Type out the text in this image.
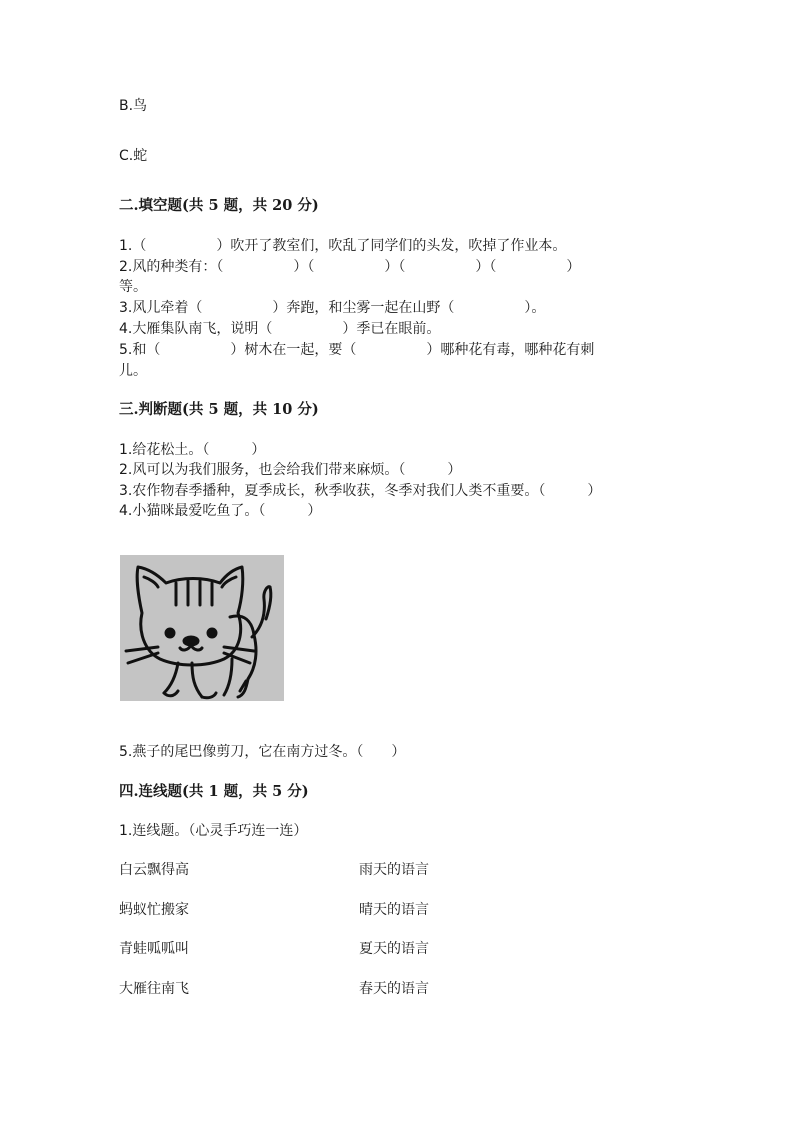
B.鸟
C.蛇
二.填空题(共 5 题，共 20 分)
1.（　　　　　）吹开了教室们，吹乱了同学们的头发，吹掉了作业本。
2.风的种类有：（　　　　　）（　　　　　）（　　　　　）（　　　　　）
等。
3.风儿牵着（　　　　　）奔跑，和尘雾一起在山野（　　　　　）。
4.大雁集队南飞，说明（　　　　　）季已在眼前。
5.和（　　　　　）树木在一起，要（　　　　　）哪种花有毒，哪种花有刺
儿。
三.判断题(共 5 题，共 10 分)
1.给花松土。（　　　）
2.风可以为我们服务，也会给我们带来麻烦。（　　　）
3.农作物春季播种，夏季成长，秋季收获，冬季对我们人类不重要。（　　　）
4.小猫咪最爱吃鱼了。（　　　）
5.燕子的尾巴像剪刀，它在南方过冬。（　　）
四.连线题(共 1 题，共 5 分)
1.连线题。（心灵手巧连一连）
白云飘得高	雨天的语言
蚂蚁忙搬家	晴天的语言
青蛙呱呱叫	夏天的语言
大雁往南飞	春天的语言
